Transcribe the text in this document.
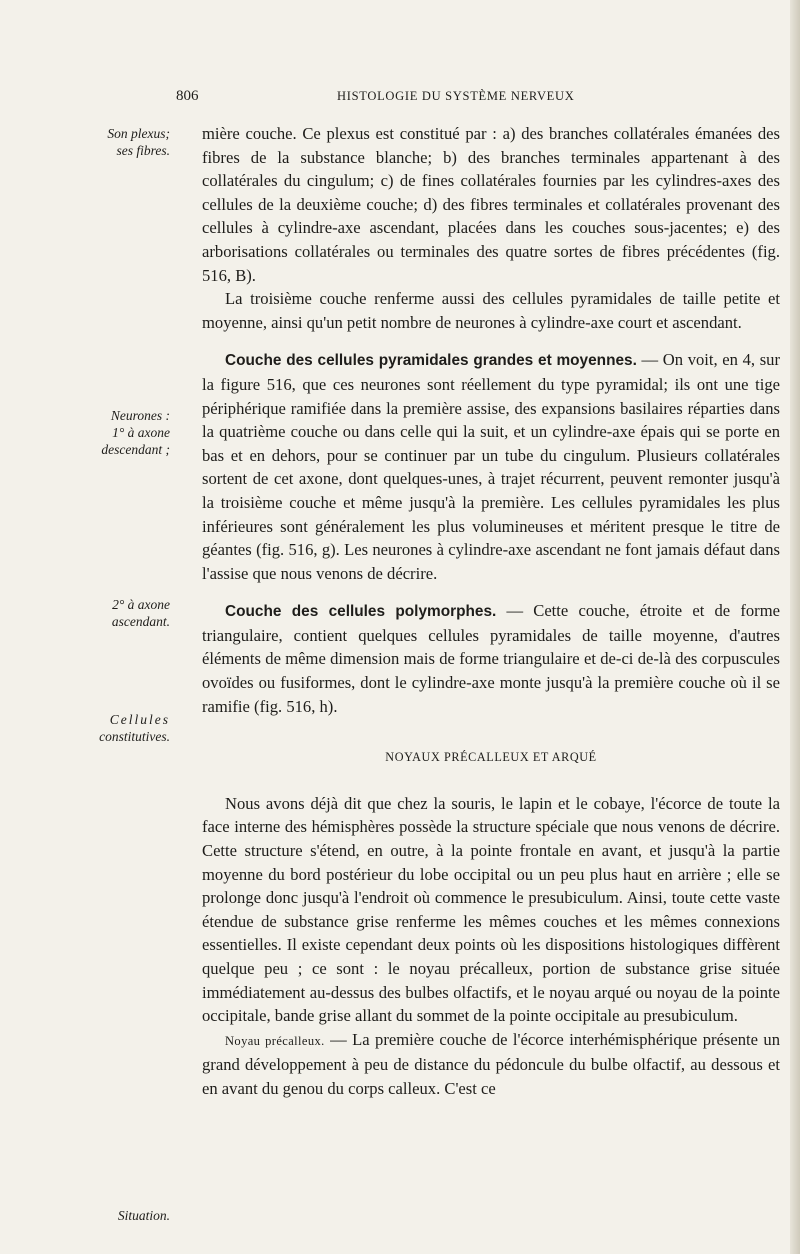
806	HISTOLOGIE DU SYSTÈME NERVEUX
Son plexus;
ses fibres.
Neurones :
1° à axone
descendant ;
2° à axone
ascendant.
Cellules
constitutives.
Situation.

mière couche. Ce plexus est constitué par : a) des branches collatérales émanées des fibres de la substance blanche; b) des branches terminales appartenant à des collatérales du cingulum; c) de fines collatérales fournies par les cylindres-axes des cellules de la deuxième couche; d) des fibres terminales et collatérales provenant des cellules à cylindre-axe ascendant, placées dans les couches sous-jacentes; e) des arborisations collatérales ou terminales des quatre sortes de fibres précédentes (fig. 516, B).

La troisième couche renferme aussi des cellules pyramidales de taille petite et moyenne, ainsi qu'un petit nombre de neurones à cylindre-axe court et ascendant.

Couche des cellules pyramidales grandes et moyennes. — On voit, en 4, sur la figure 516, que ces neurones sont réellement du type pyramidal; ils ont une tige périphérique ramifiée dans la première assise, des expansions basilaires réparties dans la quatrième couche ou dans celle qui la suit, et un cylindre-axe épais qui se porte en bas et en dehors, pour se continuer par un tube du cingulum. Plusieurs collatérales sortent de cet axone, dont quelques-unes, à trajet récurrent, peuvent remonter jusqu'à la troisième couche et même jusqu'à la première. Les cellules pyramidales les plus inférieures sont généralement les plus volumineuses et méritent presque le titre de géantes (fig. 516, g). Les neurones à cylindre-axe ascendant ne font jamais défaut dans l'assise que nous venons de décrire.

Couche des cellules polymorphes. — Cette couche, étroite et de forme triangulaire, contient quelques cellules pyramidales de taille moyenne, d'autres éléments de même dimension mais de forme triangulaire et de-ci de-là des corpuscules ovoïdes ou fusiformes, dont le cylindre-axe monte jusqu'à la première couche où il se ramifie (fig. 516, h).

NOYAUX PRÉCALLEUX ET ARQUÉ

Nous avons déjà dit que chez la souris, le lapin et le cobaye, l'écorce de toute la face interne des hémisphères possède la structure spéciale que nous venons de décrire. Cette structure s'étend, en outre, à la pointe frontale en avant, et jusqu'à la partie moyenne du bord postérieur du lobe occipital ou un peu plus haut en arrière ; elle se prolonge donc jusqu'à l'endroit où commence le presubiculum. Ainsi, toute cette vaste étendue de substance grise renferme les mêmes couches et les mêmes connexions essentielles. Il existe cependant deux points où les dispositions histologiques diffèrent quelque peu ; ce sont : le noyau précalleux, portion de substance grise située immédiatement au-dessus des bulbes olfactifs, et le noyau arqué ou noyau de la pointe occipitale, bande grise allant du sommet de la pointe occipitale au presubiculum.

Noyau précalleux. — La première couche de l'écorce interhémisphérique présente un grand développement à peu de distance du pédoncule du bulbe olfactif, au dessous et en avant du genou du corps calleux. C'est ce
